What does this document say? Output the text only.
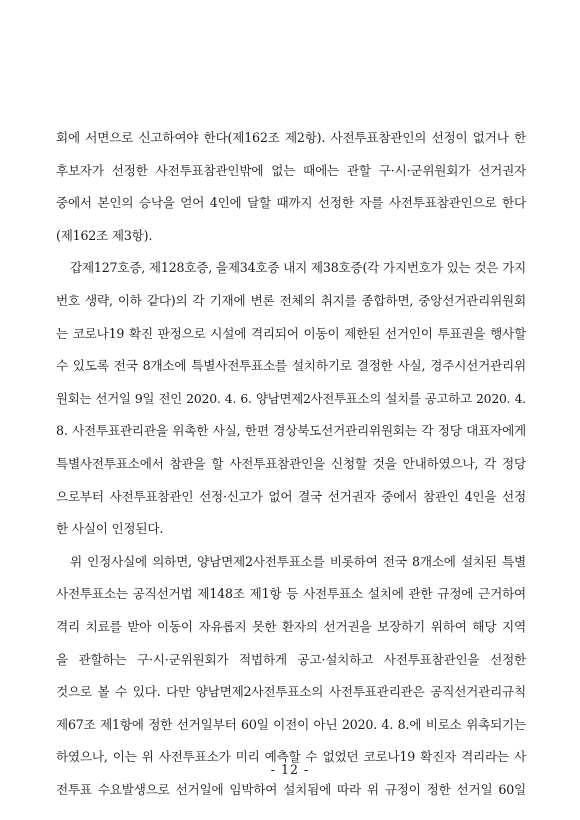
회에 서면으로 신고하여야 한다(제162조 제2항). 사전투표참관인의 선정이 없거나 한
후보자가 선정한 사전투표참관인밖에 없는 때에는 관할 구·시·군위원회가 선거권자
중에서 본인의 승낙을 얻어 4인에 달할 때까지 선정한 자를 사전투표참관인으로 한다
(제162조 제3항).
갑제127호증, 제128호증, 을제34호증 내지 제38호증(각 가지번호가 있는 것은 가지
번호 생략, 이하 같다)의 각 기재에 변론 전체의 취지를 종합하면, 중앙선거관리위원회
는 코로나19 확진 판정으로 시설에 격리되어 이동이 제한된 선거인이 투표권을 행사할
수 있도록 전국 8개소에 특별사전투표소를 설치하기로 결정한 사실, 경주시선거관리위
원회는 선거일 9일 전인 2020. 4. 6. 양남면제2사전투표소의 설치를 공고하고 2020. 4.
8. 사전투표관리관을 위촉한 사실, 한편 경상북도선거관리위원회는 각 정당 대표자에게
특별사전투표소에서 참관을 할 사전투표참관인을 신청할 것을 안내하였으나, 각 정당
으로부터 사전투표참관인 선정·신고가 없어 결국 선거권자 중에서 참관인 4인을 선정
한 사실이 인정된다.
위 인정사실에 의하면, 양남면제2사전투표소를 비롯하여 전국 8개소에 설치된 특별
사전투표소는 공직선거법 제148조 제1항 등 사전투표소 설치에 관한 규정에 근거하여
격리 치료를 받아 이동이 자유롭지 못한 환자의 선거권을 보장하기 위하여 해당 지역
을 관할하는 구·시·군위원회가 적법하게 공고·설치하고 사전투표참관인을 선정한
것으로 볼 수 있다. 다만 양남면제2사전투표소의 사전투표관리관은 공직선거관리규칙
제67조 제1항에 정한 선거일부터 60일 이전이 아닌 2020. 4. 8.에 비로소 위촉되기는
하였으나, 이는 위 사전투표소가 미리 예측할 수 없었던 코로나19 확진자 격리라는 사
전투표 수요발생으로 선거일에 임박하여 설치됨에 따라 위 규정이 정한 선거일 60일
- 12 -
